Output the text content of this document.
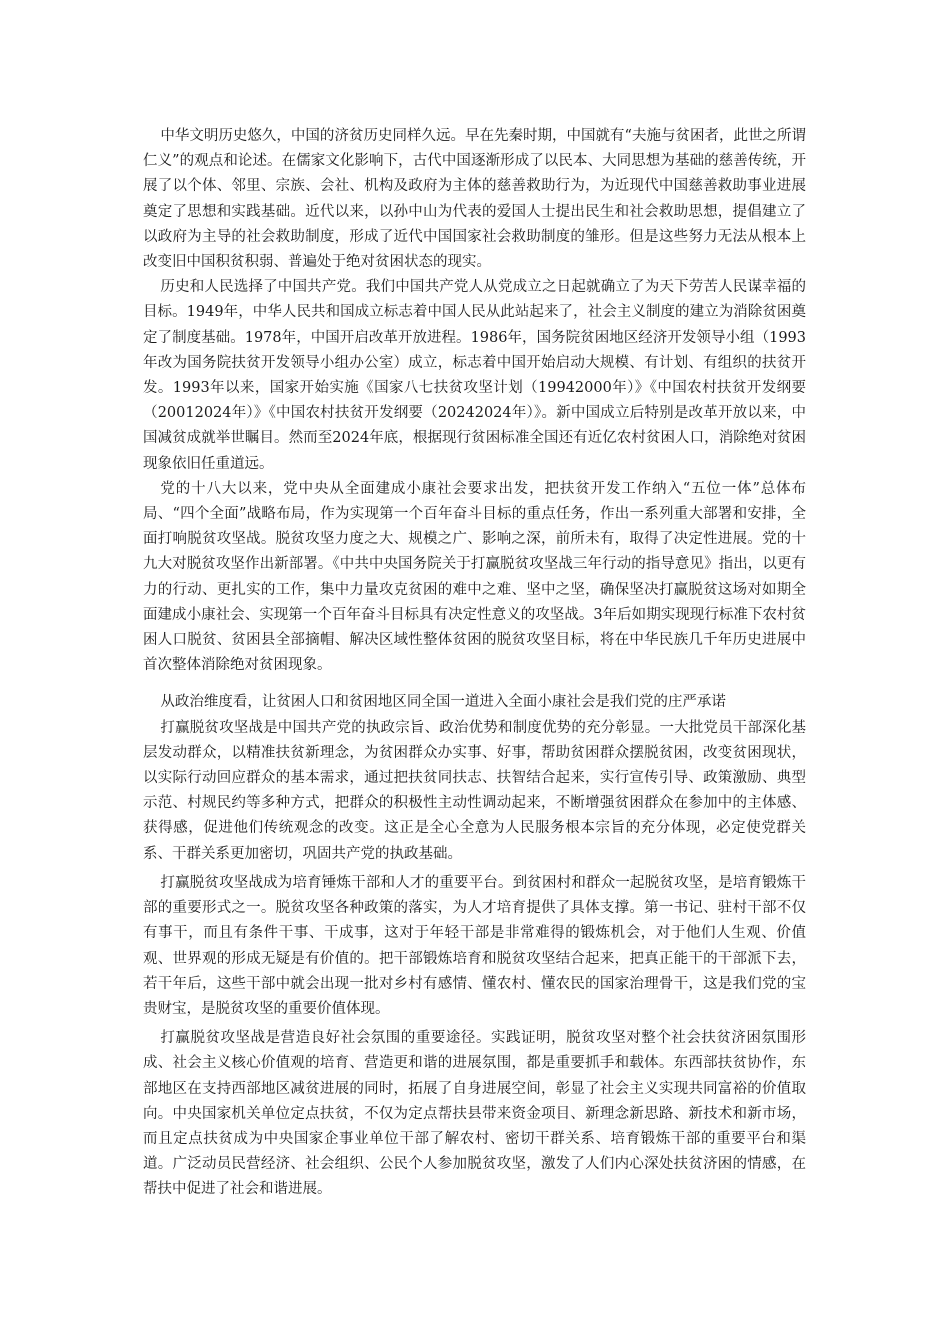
中华文明历史悠久，中国的济贫历史同样久远。早在先秦时期，中国就有“夫施与贫困者，此世之所谓仁义”的观点和论述。在儒家文化影响下，古代中国逐渐形成了以民本、大同思想为基础的慈善传统，开展了以个体、邻里、宗族、会社、机构及政府为主体的慈善救助行为，为近现代中国慈善救助事业进展奠定了思想和实践基础。近代以来，以孙中山为代表的爱国人士提出民生和社会救助思想，提倡建立了以政府为主导的社会救助制度，形成了近代中国国家社会救助制度的雏形。但是这些努力无法从根本上改变旧中国积贫积弱、普遍处于绝对贫困状态的现实。

历史和人民选择了中国共产党。我们中国共产党人从党成立之日起就确立了为天下劳苦人民谋幸福的目标。1949年，中华人民共和国成立标志着中国人民从此站起来了，社会主义制度的建立为消除贫困奠定了制度基础。1978年，中国开启改革开放进程。1986年，国务院贫困地区经济开发领导小组（1993年改为国务院扶贫开发领导小组办公室）成立，标志着中国开始启动大规模、有计划、有组织的扶贫开发。1993年以来，国家开始实施《国家八七扶贫攻坚计划（19942000年）》《中国农村扶贫开发纲要（20012024年）》《中国农村扶贫开发纲要（20242024年）》。新中国成立后特别是改革开放以来，中国减贫成就举世瞩目。然而至2024年底，根据现行贫困标准全国还有近亿农村贫困人口，消除绝对贫困现象依旧任重道远。

党的十八大以来，党中央从全面建成小康社会要求出发，把扶贫开发工作纳入“五位一体”总体布局、“四个全面”战略布局，作为实现第一个百年奋斗目标的重点任务，作出一系列重大部署和安排，全面打响脱贫攻坚战。脱贫攻坚力度之大、规模之广、影响之深，前所未有，取得了决定性进展。党的十九大对脱贫攻坚作出新部署。《中共中央国务院关于打赢脱贫攻坚战三年行动的指导意见》指出，以更有力的行动、更扎实的工作，集中力量攻克贫困的难中之难、坚中之坚，确保坚决打赢脱贫这场对如期全面建成小康社会、实现第一个百年奋斗目标具有决定性意义的攻坚战。3年后如期实现现行标准下农村贫困人口脱贫、贫困县全部摘帽、解决区域性整体贫困的脱贫攻坚目标，将在中华民族几千年历史进展中首次整体消除绝对贫困现象。

从政治维度看，让贫困人口和贫困地区同全国一道进入全面小康社会是我们党的庄严承诺

打赢脱贫攻坚战是中国共产党的执政宗旨、政治优势和制度优势的充分彰显。一大批党员干部深化基层发动群众，以精准扶贫新理念，为贫困群众办实事、好事，帮助贫困群众摆脱贫困，改变贫困现状，以实际行动回应群众的基本需求，通过把扶贫同扶志、扶智结合起来，实行宣传引导、政策激励、典型示范、村规民约等多种方式，把群众的积极性主动性调动起来，不断增强贫困群众在参加中的主体感、获得感，促进他们传统观念的改变。这正是全心全意为人民服务根本宗旨的充分体现，必定使党群关系、干群关系更加密切，巩固共产党的执政基础。

打赢脱贫攻坚战成为培育锤炼干部和人才的重要平台。到贫困村和群众一起脱贫攻坚，是培育锻炼干部的重要形式之一。脱贫攻坚各种政策的落实，为人才培育提供了具体支撑。第一书记、驻村干部不仅有事干，而且有条件干事、干成事，这对于年轻干部是非常难得的锻炼机会，对于他们人生观、价值观、世界观的形成无疑是有价值的。把干部锻炼培育和脱贫攻坚结合起来，把真正能干的干部派下去，若干年后，这些干部中就会出现一批对乡村有感情、懂农村、懂农民的国家治理骨干，这是我们党的宝贵财宝，是脱贫攻坚的重要价值体现。

打赢脱贫攻坚战是营造良好社会氛围的重要途径。实践证明，脱贫攻坚对整个社会扶贫济困氛围形成、社会主义核心价值观的培育、营造更和谐的进展氛围，都是重要抓手和载体。东西部扶贫协作，东部地区在支持西部地区减贫进展的同时，拓展了自身进展空间，彰显了社会主义实现共同富裕的价值取向。中央国家机关单位定点扶贫，不仅为定点帮扶县带来资金项目、新理念新思路、新技术和新市场，而且定点扶贫成为中央国家企事业单位干部了解农村、密切干群关系、培育锻炼干部的重要平台和渠道。广泛动员民营经济、社会组织、公民个人参加脱贫攻坚，激发了人们内心深处扶贫济困的情感，在帮扶中促进了社会和谐进展。
